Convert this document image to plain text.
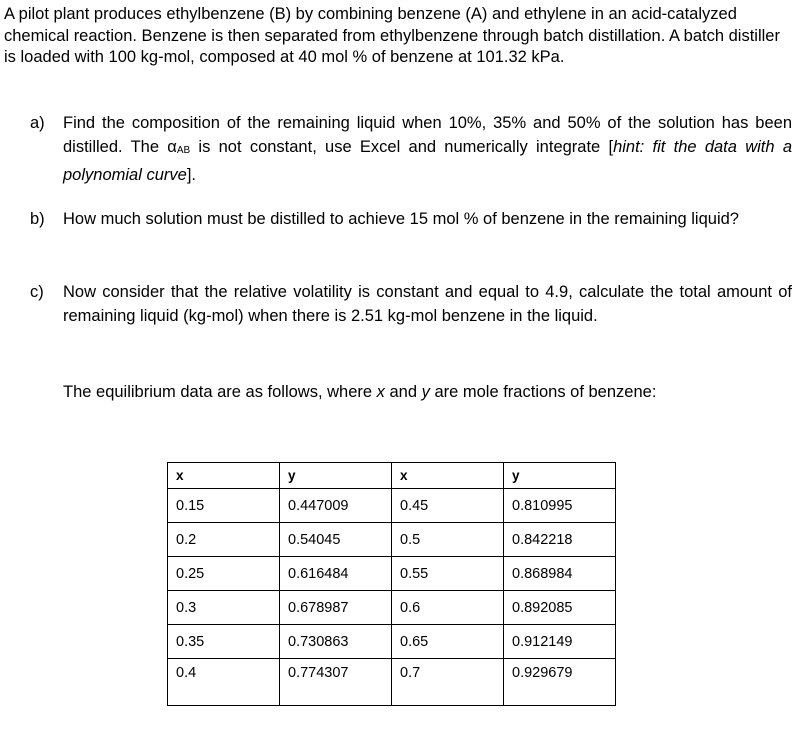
A pilot plant produces ethylbenzene (B) by combining benzene (A) and ethylene in an acid-catalyzed chemical reaction. Benzene is then separated from ethylbenzene through batch distillation. A batch distiller is loaded with 100 kg-mol, composed at 40 mol % of benzene at 101.32 kPa.

a)	Find the composition of the remaining liquid when 10%, 35% and 50% of the solution has been distilled. The $\alpha_{AB}$ is not constant, use Excel and numerically integrate [hint: fit the data with a polynomial curve].
b)	How much solution must be distilled to achieve 15 mol % of benzene in the remaining liquid?
c)	Now consider that the relative volatility is constant and equal to 4.9, calculate the total amount of remaining liquid (kg-mol) when there is 2.51 kg-mol benzene in the liquid.

The equilibrium data are as follows, where x and y are mole fractions of benzene:

x	y	x	y
0.15	0.447009	0.45	0.810995
0.2	0.54045	0.5	0.842218
0.25	0.616484	0.55	0.868984
0.3	0.678987	0.6	0.892085
0.35	0.730863	0.65	0.912149
0.4	0.774307	0.7	0.929679
